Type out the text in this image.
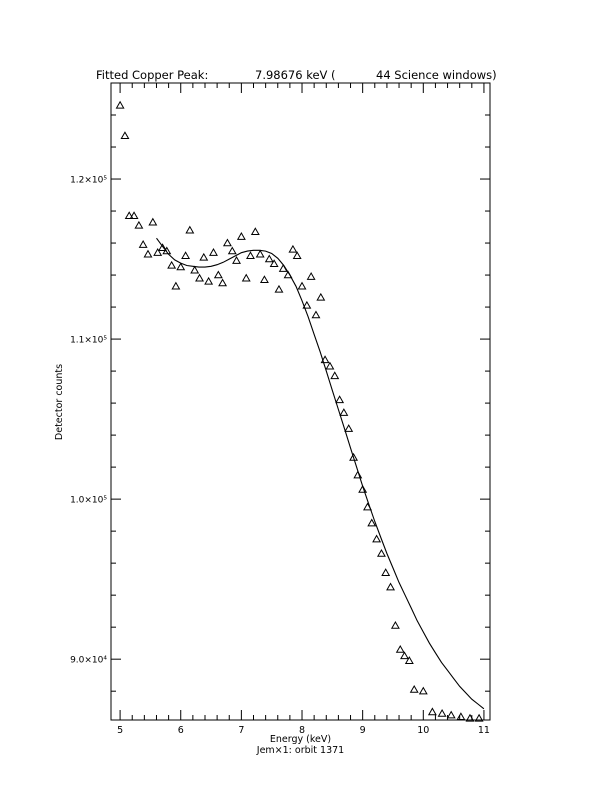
5	6	7	8	9	10	11
9.0×10⁴
1.0×10⁵
1.1×10⁵
1.2×10⁵
Fitted Copper Peak:	7.98676 keV (	44 Science windows)
Energy (keV)
Jem×1: orbit 1371
Detector counts
